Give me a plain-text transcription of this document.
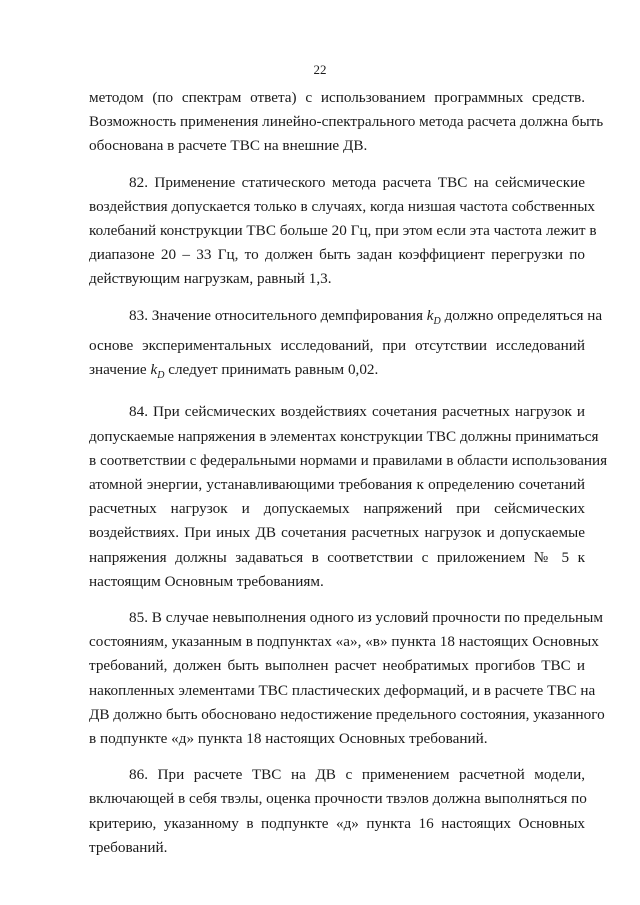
22
методом (по спектрам ответа) с использованием программных средств.
Возможность применения линейно-спектрального метода расчета должна быть
обоснована в расчете ТВС на внешние ДВ.
82. Применение статического метода расчета ТВС на сейсмические
воздействия допускается только в случаях, когда низшая частота собственных
колебаний конструкции ТВС больше 20 Гц, при этом если эта частота лежит в
диапазоне 20 – 33 Гц, то должен быть задан коэффициент перегрузки по
действующим нагрузкам, равный 1,3.
83. Значение относительного демпфирования $k_D$ должно определяться на
основе экспериментальных исследований, при отсутствии исследований
значение $k_D$ следует принимать равным 0,02.
84. При сейсмических воздействиях сочетания расчетных нагрузок и
допускаемые напряжения в элементах конструкции ТВС должны приниматься
в соответствии с федеральными нормами и правилами в области использования
атомной энергии, устанавливающими требования к определению сочетаний
расчетных нагрузок и допускаемых напряжений при сейсмических
воздействиях. При иных ДВ сочетания расчетных нагрузок и допускаемые
напряжения должны задаваться в соответствии с приложением № 5 к
настоящим Основным требованиям.
85. В случае невыполнения одного из условий прочности по предельным
состояниям, указанным в подпунктах «а», «в» пункта 18 настоящих Основных
требований, должен быть выполнен расчет необратимых прогибов ТВС и
накопленных элементами ТВС пластических деформаций, и в расчете ТВС на
ДВ должно быть обосновано недостижение предельного состояния, указанного
в подпункте «д» пункта 18 настоящих Основных требований.
86. При расчете ТВС на ДВ с применением расчетной модели,
включающей в себя твэлы, оценка прочности твэлов должна выполняться по
критерию, указанному в подпункте «д» пункта 16 настоящих Основных
требований.
